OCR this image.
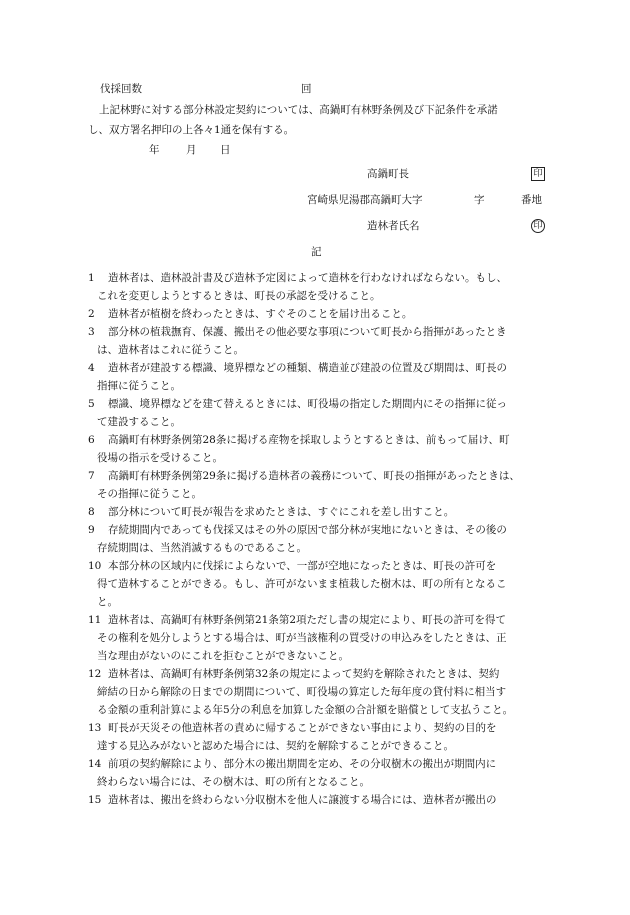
伐採回数	回
上記林野に対する部分林設定契約については、高鍋町有林野条例及び下記条件を承諾
し、双方署名押印の上各々1通を保有する。
年	月 日
高鍋町長	印
宮崎県児湯郡高鍋町大字	字	番地
造林者氏名	印
記
1 造林者は、造林設計書及び造林予定図によって造林を行わなければならない。もし、
これを変更しようとするときは、町長の承認を受けること。
2 造林者が植樹を終わったときは、すぐそのことを届け出ること。
3 部分林の植栽撫育、保護、搬出その他必要な事項について町長から指揮があったとき
は、造林者はこれに従うこと。
4 造林者が建設する標識、境界標などの種類、構造並び建設の位置及び期間は、町長の
指揮に従うこと。
5 標識、境界標などを建て替えるときには、町役場の指定した期間内にその指揮に従っ
て建設すること。
6 高鍋町有林野条例第28条に掲げる産物を採取しようとするときは、前もって届け、町
役場の指示を受けること。
7 高鍋町有林野条例第29条に掲げる造林者の義務について、町長の指揮があったときは、
その指揮に従うこと。
8 部分林について町長が報告を求めたときは、すぐにこれを差し出すこと。
9 存続期間内であっても伐採又はその外の原因で部分林が実地にないときは、その後の
存続期間は、当然消滅するものであること。
10 本部分林の区域内に伐採によらないで、一部が空地になったときは、町長の許可を
得て造林することができる。もし、許可がないまま植栽した樹木は、町の所有となるこ
と。
11 造林者は、高鍋町有林野条例第21条第2項ただし書の規定により、町長の許可を得て
その権利を処分しようとする場合は、町が当該権利の買受けの申込みをしたときは、正
当な理由がないのにこれを拒むことができないこと。
12 造林者は、高鍋町有林野条例第32条の規定によって契約を解除されたときは、契約
締結の日から解除の日までの期間について、町役場の算定した毎年度の貸付料に相当す
る金額の重利計算による年5分の利息を加算した金額の合計額を賠償として支払うこと。
13 町長が天災その他造林者の責めに帰することができない事由により、契約の目的を
達する見込みがないと認めた場合には、契約を解除することができること。
14 前項の契約解除により、部分木の搬出期間を定め、その分収樹木の搬出が期間内に
終わらない場合には、その樹木は、町の所有となること。
15 造林者は、搬出を終わらない分収樹木を他人に譲渡する場合には、造林者が搬出の
